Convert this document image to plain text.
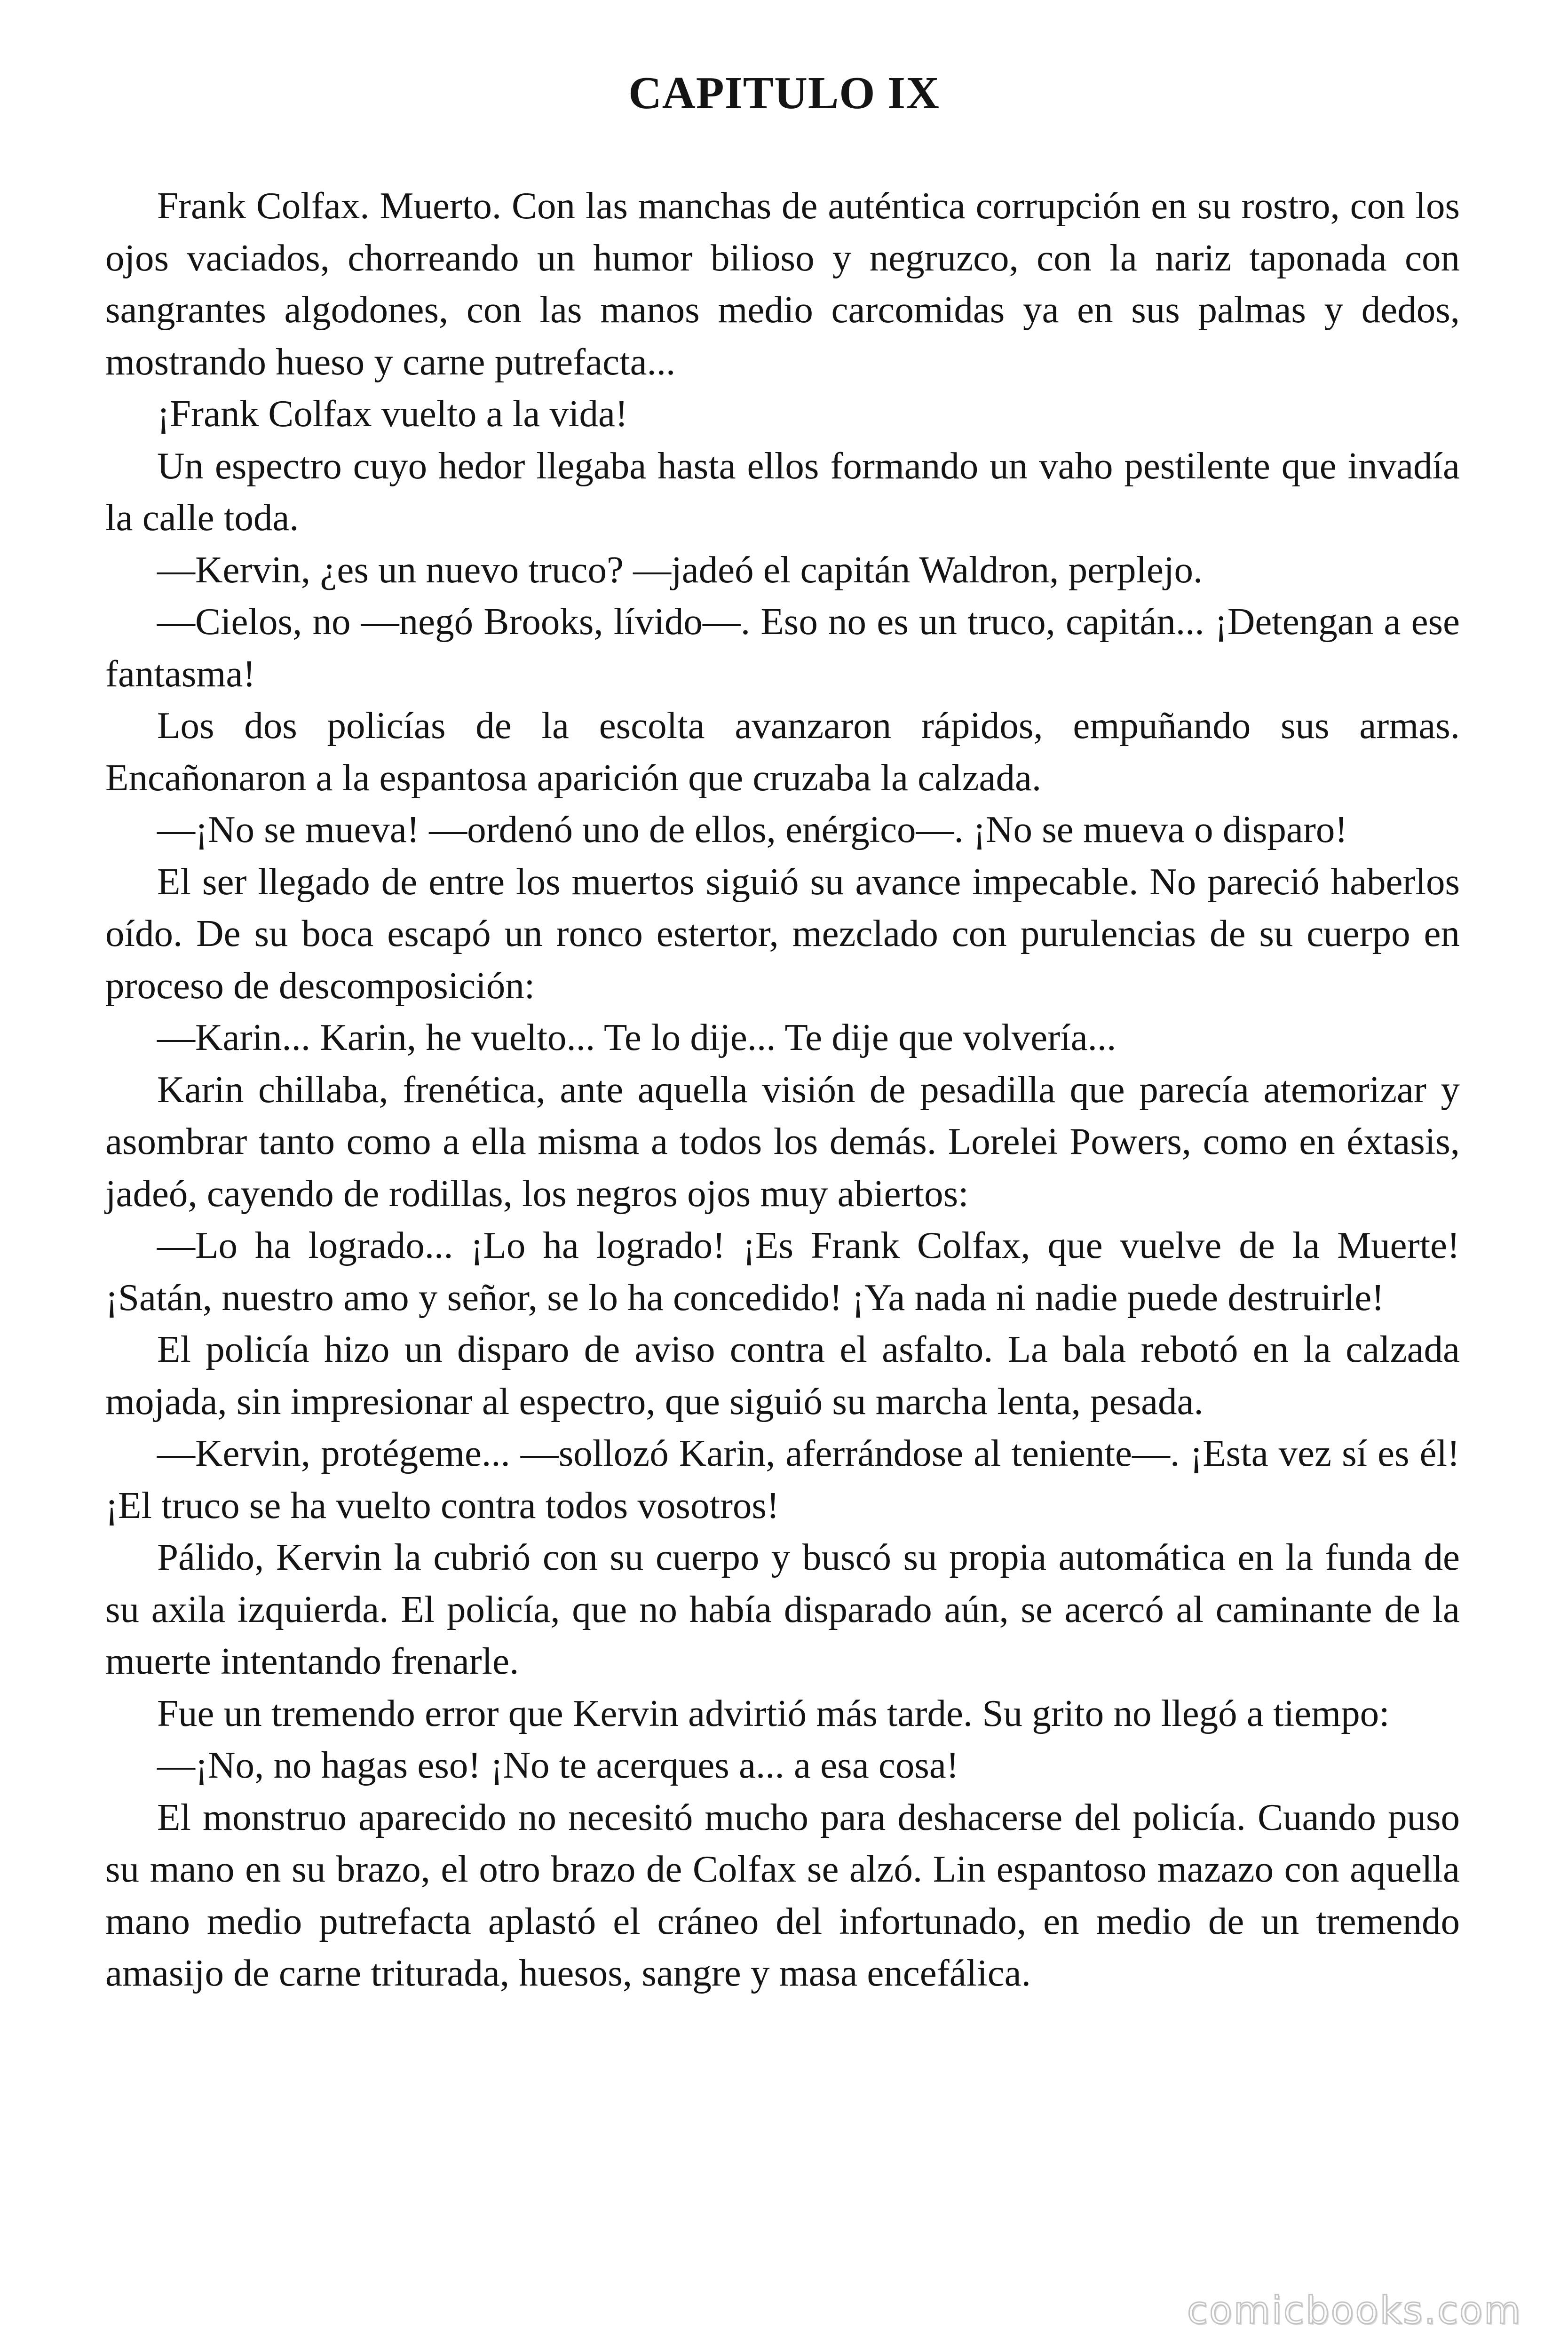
CAPITULO IX

Frank Colfax. Muerto. Con las manchas de auténtica corrupción en su rostro, con los ojos vaciados, chorreando un humor bilioso y negruzco, con la nariz taponada con sangrantes algodones, con las manos medio carcomidas ya en sus palmas y dedos, mostrando hueso y carne putrefacta...

¡Frank Colfax vuelto a la vida!

Un espectro cuyo hedor llegaba hasta ellos formando un vaho pestilente que invadía la calle toda.

—Kervin, ¿es un nuevo truco? —jadeó el capitán Waldron, perplejo.

—Cielos, no —negó Brooks, lívido—. Eso no es un truco, capitán... ¡Detengan a ese fantasma!

Los dos policías de la escolta avanzaron rápidos, empuñando sus armas. Encañonaron a la espantosa aparición que cruzaba la calzada.

—¡No se mueva! —ordenó uno de ellos, enérgico—. ¡No se mueva o disparo!

El ser llegado de entre los muertos siguió su avance impecable. No pareció haberlos oído. De su boca escapó un ronco estertor, mezclado con purulencias de su cuerpo en proceso de descomposición:

—Karin... Karin, he vuelto... Te lo dije... Te dije que volvería...

Karin chillaba, frenética, ante aquella visión de pesadilla que parecía atemorizar y asombrar tanto como a ella misma a todos los demás. Lorelei Powers, como en éxtasis, jadeó, cayendo de rodillas, los negros ojos muy abiertos:

—Lo ha logrado... ¡Lo ha logrado! ¡Es Frank Colfax, que vuelve de la Muerte! ¡Satán, nuestro amo y señor, se lo ha concedido! ¡Ya nada ni nadie puede destruirle!

El policía hizo un disparo de aviso contra el asfalto. La bala rebotó en la calzada mojada, sin impresionar al espectro, que siguió su marcha lenta, pesada.

—Kervin, protégeme... —sollozó Karin, aferrándose al teniente—. ¡Esta vez sí es él! ¡El truco se ha vuelto contra todos vosotros!

Pálido, Kervin la cubrió con su cuerpo y buscó su propia automática en la funda de su axila izquierda. El policía, que no había disparado aún, se acercó al caminante de la muerte intentando frenarle.

Fue un tremendo error que Kervin advirtió más tarde. Su grito no llegó a tiempo:

—¡No, no hagas eso! ¡No te acerques a... a esa cosa!

El monstruo aparecido no necesitó mucho para deshacerse del policía. Cuando puso su mano en su brazo, el otro brazo de Colfax se alzó. Lin espantoso mazazo con aquella mano medio putrefacta aplastó el cráneo del infortunado, en medio de un tremendo amasijo de carne triturada, huesos, sangre y masa encefálica.

comicbooks.com
